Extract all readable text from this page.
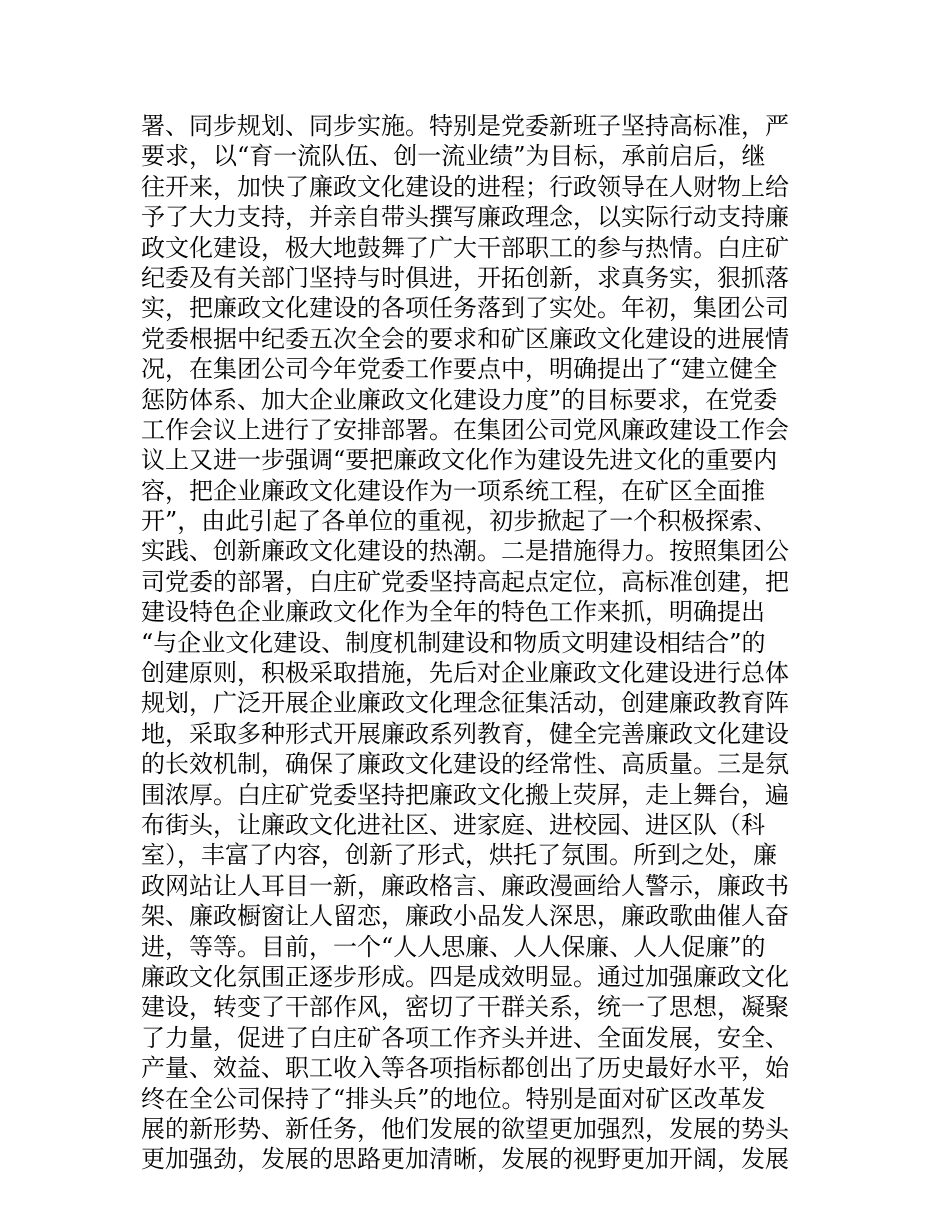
署、同步规划、同步实施。特别是党委新班子坚持高标准，严
要求，以“育一流队伍、创一流业绩”为目标，承前启后，继
往开来，加快了廉政文化建设的进程；行政领导在人财物上给
予了大力支持，并亲自带头撰写廉政理念，以实际行动支持廉
政文化建设，极大地鼓舞了广大干部职工的参与热情。白庄矿
纪委及有关部门坚持与时俱进，开拓创新，求真务实，狠抓落
实，把廉政文化建设的各项任务落到了实处。年初，集团公司
党委根据中纪委五次全会的要求和矿区廉政文化建设的进展情
况，在集团公司今年党委工作要点中，明确提出了“建立健全
惩防体系、加大企业廉政文化建设力度”的目标要求，在党委
工作会议上进行了安排部署。在集团公司党风廉政建设工作会
议上又进一步强调“要把廉政文化作为建设先进文化的重要内
容，把企业廉政文化建设作为一项系统工程，在矿区全面推
开”，由此引起了各单位的重视，初步掀起了一个积极探索、
实践、创新廉政文化建设的热潮。二是措施得力。按照集团公
司党委的部署，白庄矿党委坚持高起点定位，高标准创建，把
建设特色企业廉政文化作为全年的特色工作来抓，明确提出
“与企业文化建设、制度机制建设和物质文明建设相结合”的
创建原则，积极采取措施，先后对企业廉政文化建设进行总体
规划，广泛开展企业廉政文化理念征集活动，创建廉政教育阵
地，采取多种形式开展廉政系列教育，健全完善廉政文化建设
的长效机制，确保了廉政文化建设的经常性、高质量。三是氛
围浓厚。白庄矿党委坚持把廉政文化搬上荧屏，走上舞台，遍
布街头，让廉政文化进社区、进家庭、进校园、进区队（科
室），丰富了内容，创新了形式，烘托了氛围。所到之处，廉
政网站让人耳目一新，廉政格言、廉政漫画给人警示，廉政书
架、廉政橱窗让人留恋，廉政小品发人深思，廉政歌曲催人奋
进，等等。目前，一个“人人思廉、人人保廉、人人促廉”的
廉政文化氛围正逐步形成。四是成效明显。通过加强廉政文化
建设，转变了干部作风，密切了干群关系，统一了思想，凝聚
了力量，促进了白庄矿各项工作齐头并进、全面发展，安全、
产量、效益、职工收入等各项指标都创出了历史最好水平，始
终在全公司保持了“排头兵”的地位。特别是面对矿区改革发
展的新形势、新任务，他们发展的欲望更加强烈，发展的势头
更加强劲，发展的思路更加清晰，发展的视野更加开阔，发展
